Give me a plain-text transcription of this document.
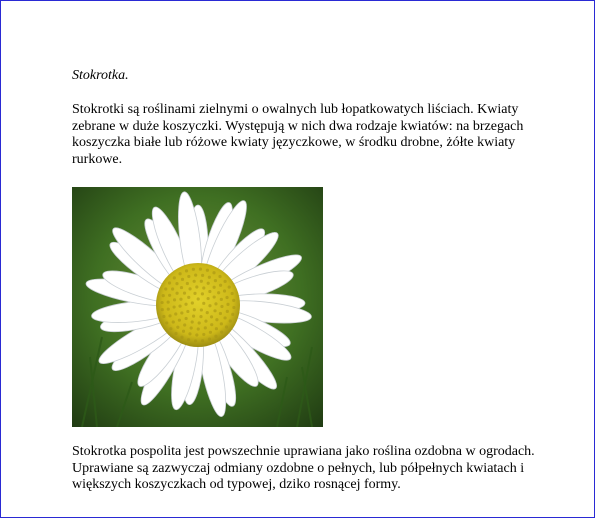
Stokrotka.

Stokrotki są roślinami zielnymi o owalnych lub łopatkowatych liściach. Kwiaty zebrane w duże koszyczki. Występują w nich dwa rodzaje kwiatów: na brzegach koszyczka białe lub różowe kwiaty języczkowe, w środku drobne, żółte kwiaty rurkowe.

Stokrotka pospolita jest powszechnie uprawiana jako roślina ozdobna w ogrodach. Uprawiane są zazwyczaj odmiany ozdobne o pełnych, lub półpełnych kwiatach i większych koszyczkach od typowej, dziko rosnącej formy.
